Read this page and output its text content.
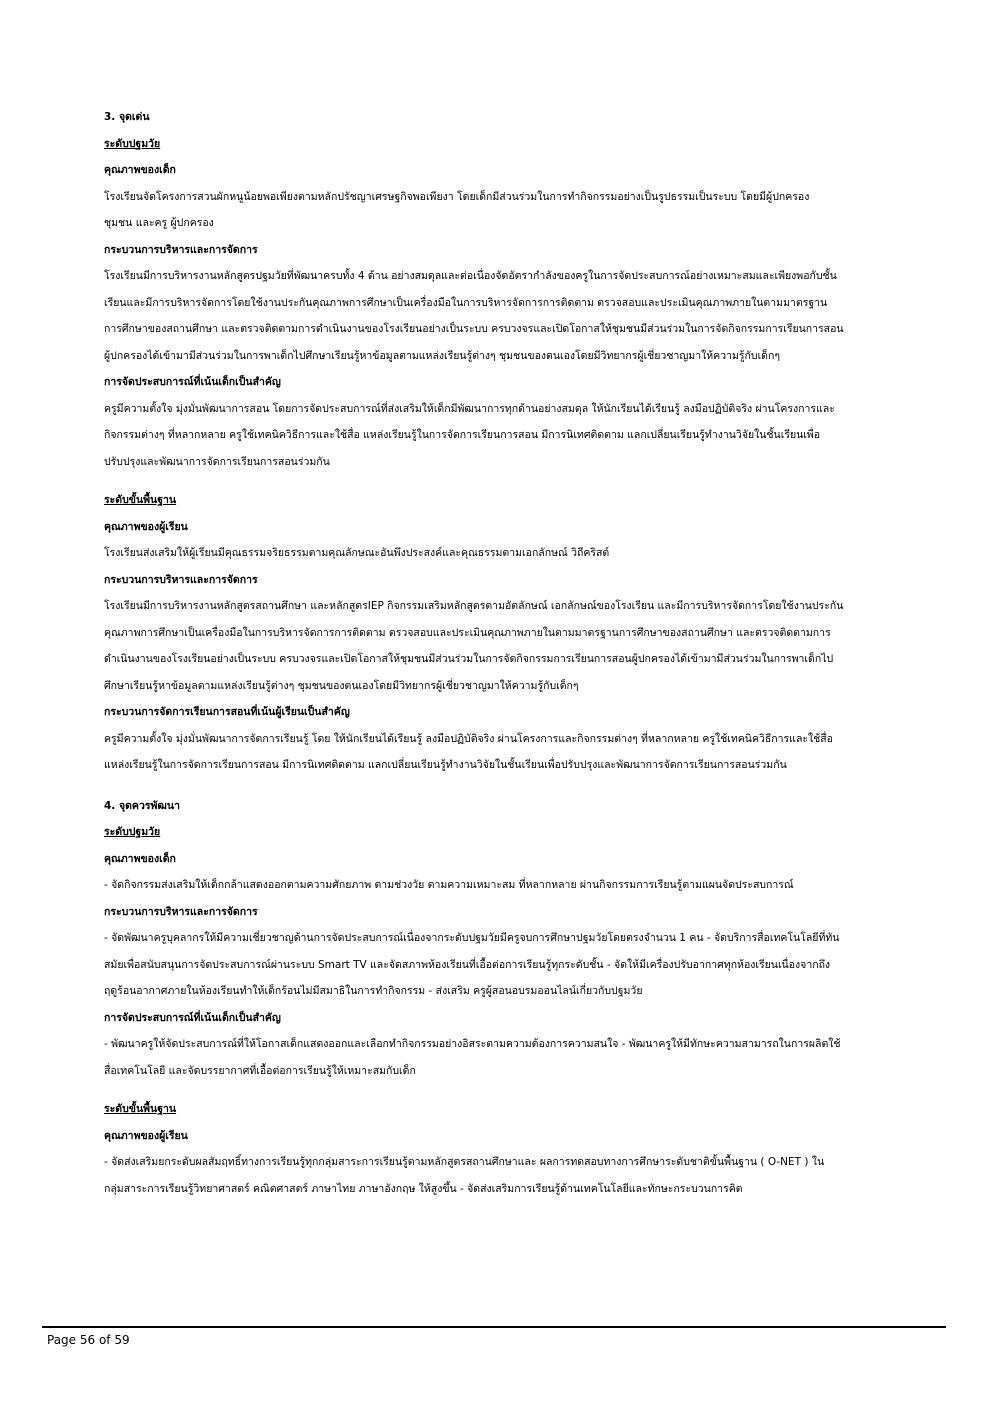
3. จุดเด่น
ระดับปฐมวัย
คุณภาพของเด็ก
โรงเรียนจัดโครงการสวนผักหนูน้อยพอเพียงตามหลักปรัชญาเศรษฐกิจพอเพียงา โดยเด็กมีส่วนร่วมในการทำกิจกรรมอย่างเป็นรูปธรรมเป็นระบบ โดยมีผู้ปกครอง
ชุมชน และครู ผู้ปกครอง
กระบวนการบริหารและการจัดการ
โรงเรียนมีการบริหารงานหลักสูตรปฐมวัยที่พัฒนาครบทั้ง 4 ด้าน อย่างสมดุลและต่อเนื่องจัดอัตรากำลังของครูในการจัดประสบการณ์อย่างเหมาะสมและเพียงพอกับชั้น
เรียนและมีการบริหารจัดการโดยใช้งานประกันคุณภาพการศึกษาเป็นเครื่องมือในการบริหารจัดการการติดตาม ตรวจสอบและประเมินคุณภาพภายในตามมาตรฐาน
การศึกษาของสถานศึกษา และตรวจติดตามการดำเนินงานของโรงเรียนอย่างเป็นระบบ ครบวงจรและเปิดโอกาสให้ชุมชนมีส่วนร่วมในการจัดกิจกรรมการเรียนการสอน
ผู้ปกครองได้เข้ามามีส่วนร่วมในการพาเด็กไปศึกษาเรียนรู้หาข้อมูลตามแหล่งเรียนรู้ต่างๆ ชุมชนของตนเองโดยมีวิทยากรผู้เชี่ยวชาญมาให้ความรู้กับเด็กๆ
การจัดประสบการณ์ที่เน้นเด็กเป็นสำคัญ
ครูมีความตั้งใจ มุ่งมั่นพัฒนาการสอน โดยการจัดประสบการณ์ที่ส่งเสริมให้เด็กมีพัฒนาการทุกด้านอย่างสมดุล ให้นักเรียนได้เรียนรู้ ลงมือปฏิบัติจริง ผ่านโครงการและ
กิจกรรมต่างๆ ที่หลากหลาย ครูใช้เทคนิควิธีการและใช้สื่อ แหล่งเรียนรู้ในการจัดการเรียนการสอน มีการนิเทศติดตาม แลกเปลี่ยนเรียนรู้ทำงานวิจัยในชั้นเรียนเพื่อ
ปรับปรุงและพัฒนาการจัดการเรียนการสอนร่วมกัน
ระดับขั้นพื้นฐาน
คุณภาพของผู้เรียน
โรงเรียนส่งเสริมให้ผู้เรียนมีคุณธรรมจริยธรรมตามคุณลักษณะอันพึงประสงค์และคุณธรรมตามเอกลักษณ์ วิถีคริสต์
กระบวนการบริหารและการจัดการ
โรงเรียนมีการบริหารงานหลักสูตรสถานศึกษา และหลักสูตรIEP กิจกรรมเสริมหลักสูตรตามอัตลักษณ์ เอกลักษณ์ของโรงเรียน และมีการบริหารจัดการโดยใช้งานประกัน
คุณภาพการศึกษาเป็นเครื่องมือในการบริหารจัดการการติดตาม ตรวจสอบและประเมินคุณภาพภายในตามมาตรฐานการศึกษาของสถานศึกษา และตรวจติดตามการ
ดำเนินงานของโรงเรียนอย่างเป็นระบบ ครบวงจรและเปิดโอกาสให้ชุมชนมีส่วนร่วมในการจัดกิจกรรมการเรียนการสอนผู้ปกครองได้เข้ามามีส่วนร่วมในการพาเด็กไป
ศึกษาเรียนรู้หาข้อมูลตามแหล่งเรียนรู้ต่างๆ ชุมชนของตนเองโดยมีวิทยากรผู้เชี่ยวชาญมาให้ความรู้กับเด็กๆ
กระบวนการจัดการเรียนการสอนที่เน้นผู้เรียนเป็นสำคัญ
ครูมีความตั้งใจ มุ่งมั่นพัฒนาการจัดการเรียนรู้ โดย ให้นักเรียนได้เรียนรู้ ลงมือปฏิบัติจริง ผ่านโครงการและกิจกรรมต่างๆ ที่หลากหลาย ครูใช้เทคนิควิธีการและใช้สื่อ
แหล่งเรียนรู้ในการจัดการเรียนการสอน มีการนิเทศติดตาม แลกเปลี่ยนเรียนรู้ทำงานวิจัยในชั้นเรียนเพื่อปรับปรุงและพัฒนาการจัดการเรียนการสอนร่วมกัน
4. จุดควรพัฒนา
ระดับปฐมวัย
คุณภาพของเด็ก
- จัดกิจกรรมส่งเสริมให้เด็กกล้าแสดงออกตามความศักยภาพ ตามช่วงวัย ตามความเหมาะสม ที่หลากหลาย ผ่านกิจกรรมการเรียนรู้ตามแผนจัดประสบการณ์
กระบวนการบริหารและการจัดการ
- จัดพัฒนาครูบุคลากรให้มีความเชี่ยวชาญด้านการจัดประสบการณ์เนื่องจากระดับปฐมวัยมีครูจบการศึกษาปฐมวัยโดยตรงจำนวน 1 คน - จัดบริการสื่อเทคโนโลยีที่ทัน
สมัยเพื่อสนับสนุนการจัดประสบการณ์ผ่านระบบ Smart TV และจัดสภาพห้องเรียนที่เอื้อต่อการเรียนรู้ทุกระดับชั้น - จัดให้มีเครื่องปรับอากาศทุกห้องเรียนเนื่องจากถึง
ฤดูร้อนอากาศภายในห้องเรียนทำให้เด็กร้อนไม่มีสมาธิในการทำกิจกรรม - ส่งเสริม ครูผู้สอนอบรมออนไลน์เกี่ยวกับปฐมวัย
การจัดประสบการณ์ที่เน้นเด็กเป็นสำคัญ
- พัฒนาครูให้จัดประสบการณ์ที่ให้โอกาสเด็กแสดงออกและเลือกทำกิจกรรมอย่างอิสระตามความต้องการความสนใจ - พัฒนาครูให้มีทักษะความสามารถในการผลิตใช้
สื่อเทคโนโลยี และจัดบรรยากาศที่เอื้อต่อการเรียนรู้ให้เหมาะสมกับเด็ก
ระดับขั้นพื้นฐาน
คุณภาพของผู้เรียน
- จัดส่งเสริมยกระดับผลสัมฤทธิ์ทางการเรียนรู้ทุกกลุ่มสาระการเรียนรู้ตามหลักสูตรสถานศึกษาและ ผลการทดสอบทางการศึกษาระดับชาติขั้นพื้นฐาน ( O-NET ) ใน
กลุ่มสาระการเรียนรู้วิทยาศาสตร์ คณิตศาสตร์ ภาษาไทย ภาษาอังกฤษ ให้สูงขึ้น - จัดส่งเสริมการเรียนรู้ด้านเทคโนโลยีและทักษะกระบวนการคิด
Page 56 of 59
